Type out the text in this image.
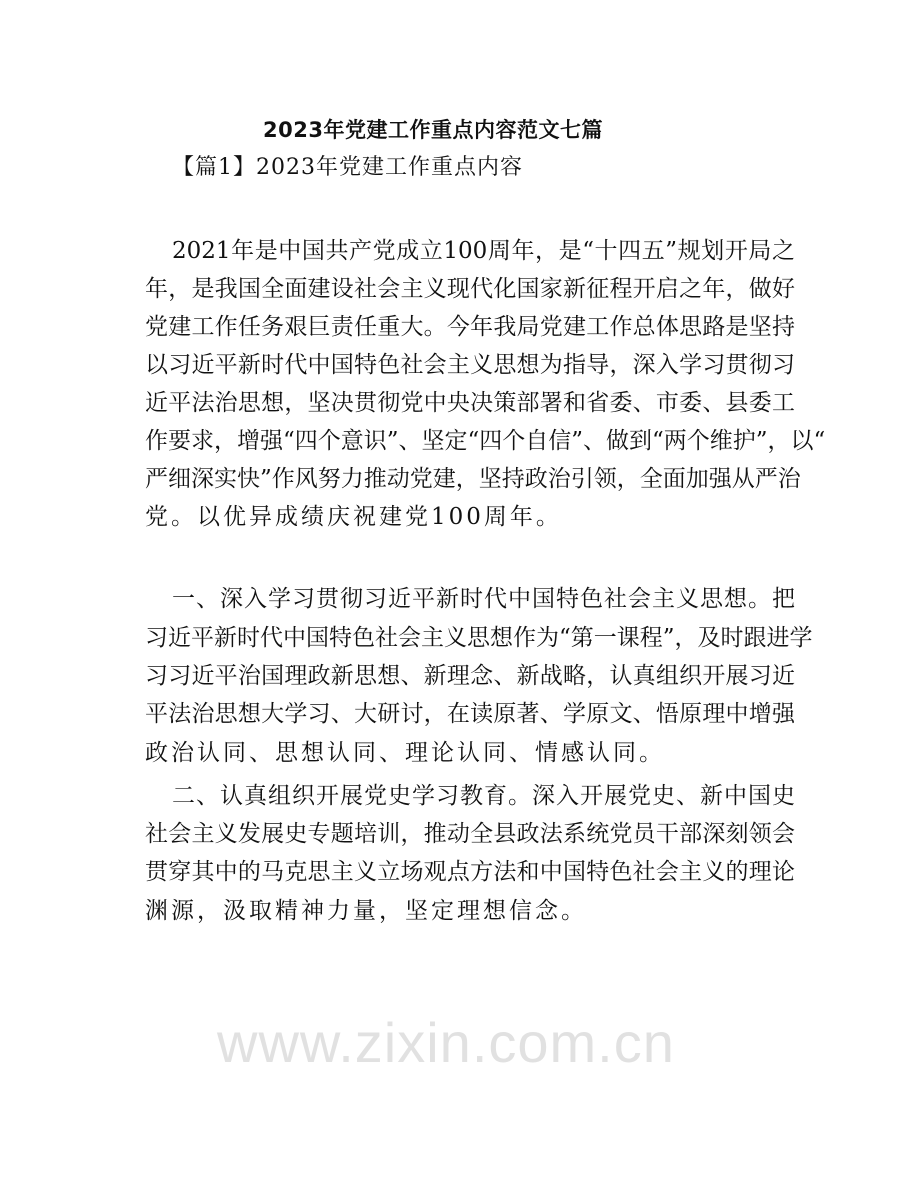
2023年党建工作重点内容范文七篇
【篇1】2023年党建工作重点内容
2021年是中国共产党成立100周年，是“十四五”规划开局之
年，是我国全面建设社会主义现代化国家新征程开启之年，做好
党建工作任务艰巨责任重大。今年我局党建工作总体思路是坚持
以习近平新时代中国特色社会主义思想为指导，深入学习贯彻习
近平法治思想，坚决贯彻党中央决策部署和省委、市委、县委工
作要求，增强“四个意识”、坚定“四个自信”、做到“两个维护”，以“
严细深实快”作风努力推动党建，坚持政治引领，全面加强从严治
党。以优异成绩庆祝建党100周年。
一、深入学习贯彻习近平新时代中国特色社会主义思想。把
习近平新时代中国特色社会主义思想作为“第一课程”，及时跟进学
习习近平治国理政新思想、新理念、新战略，认真组织开展习近
平法治思想大学习、大研讨，在读原著、学原文、悟原理中增强
政治认同、思想认同、理论认同、情感认同。
二、认真组织开展党史学习教育。深入开展党史、新中国史
社会主义发展史专题培训，推动全县政法系统党员干部深刻领会
贯穿其中的马克思主义立场观点方法和中国特色社会主义的理论
渊源，汲取精神力量，坚定理想信念。
www.zixin.com.cn
